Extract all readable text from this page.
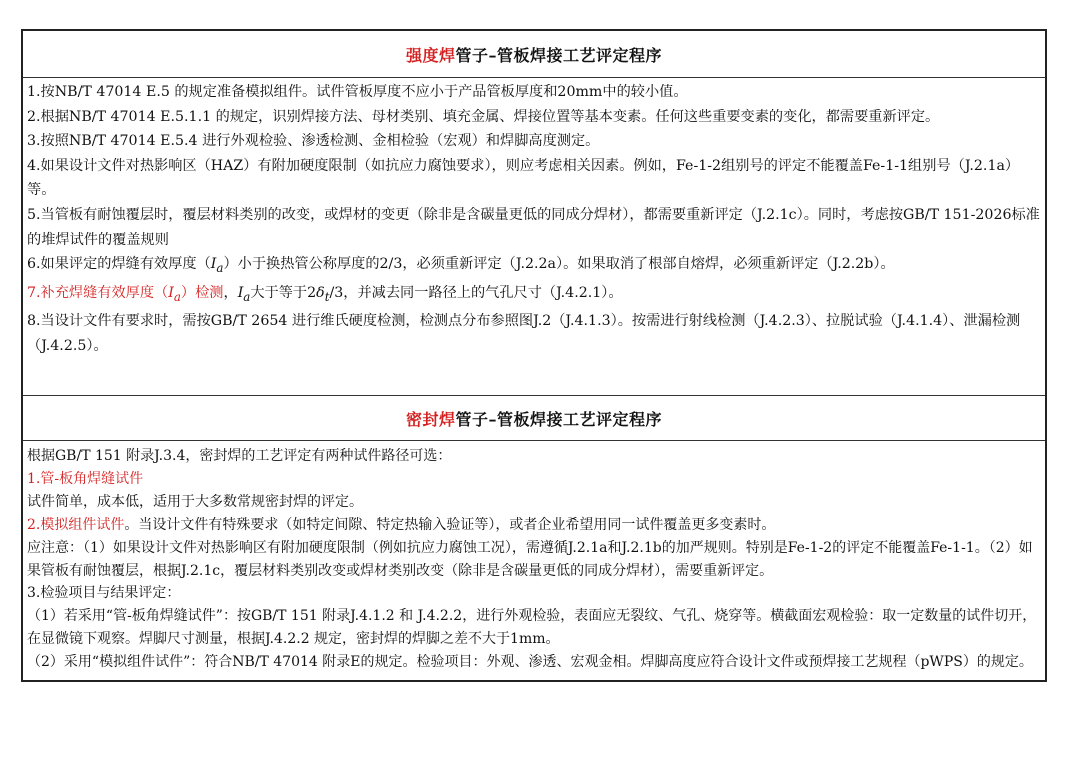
强度焊 管子–管板焊接工艺评定程序
1.按NB/T 47014 E.5 的规定准备模拟组件。试件管板厚度不应小于产品管板厚度和20mm中的较小值。
2.根据NB/T 47014 E.5.1.1 的规定，识别焊接方法、母材类别、填充金属、焊接位置等基本变素。任何这些重要变素的变化，都需要重新评定。
3.按照NB/T 47014 E.5.4 进行外观检验、渗透检测、金相检验（宏观）和焊脚高度测定。
4.如果设计文件对热影响区（HAZ）有附加硬度限制（如抗应力腐蚀要求），则应考虑相关因素。例如，Fe-1-2组别号的评定不能覆盖Fe-1-1组别号（J.2.1a）等。
5.当管板有耐蚀覆层时，覆层材料类别的改变，或焊材的变更（除非是含碳量更低的同成分焊材），都需要重新评定（J.2.1c）。同时，考虑按GB/T 151-2026标准的堆焊试件的覆盖规则
6.如果评定的焊缝有效厚度$(I_a)$小于换热管公称厚度的2/3，必须重新评定（J.2.2a）。如果取消了根部自熔焊，必须重新评定（J.2.2b）。
7.补充焊缝有效厚度$(I_a)$检测，$I_a$大于等于$2\delta_t/3$，并减去同一路径上的气孔尺寸（J.4.2.1）。
8.当设计文件有要求时，需按GB/T 2654 进行维氏硬度检测，检测点分布参照图J.2（J.4.1.3）。按需进行射线检测（J.4.2.3）、拉脱试验（J.4.1.4）、泄漏检测（J.4.2.5）。
密封焊 管子–管板焊接工艺评定程序
根据GB/T 151 附录J.3.4，密封焊的工艺评定有两种试件路径可选：
1.管-板角焊缝试件
试件简单，成本低，适用于大多数常规密封焊的评定。
2.模拟组件试件。当设计文件有特殊要求（如特定间隙、特定热输入验证等），或者企业希望用同一试件覆盖更多变素时。
应注意：（1）如果设计文件对热影响区有附加硬度限制（例如抗应力腐蚀工况），需遵循J.2.1a和J.2.1b的加严规则。特别是Fe-1-2的评定不能覆盖Fe-1-1。（2）如果管板有耐蚀覆层，根据J.2.1c，覆层材料类别改变或焊材类别改变（除非是含碳量更低的同成分焊材），需要重新评定。
3.检验项目与结果评定：
（1）若采用“管-板角焊缝试件”：按GB/T 151 附录J.4.1.2 和 J.4.2.2，进行外观检验，表面应无裂纹、气孔、烧穿等。横截面宏观检验：取一定数量的试件切开，在显微镜下观察。焊脚尺寸测量，根据J.4.2.2 规定，密封焊的焊脚之差不大于1mm。
（2）采用“模拟组件试件”：符合NB/T 47014 附录E的规定。检验项目：外观、渗透、宏观金相。焊脚高度应符合设计文件或预焊接工艺规程（pWPS）的规定。
